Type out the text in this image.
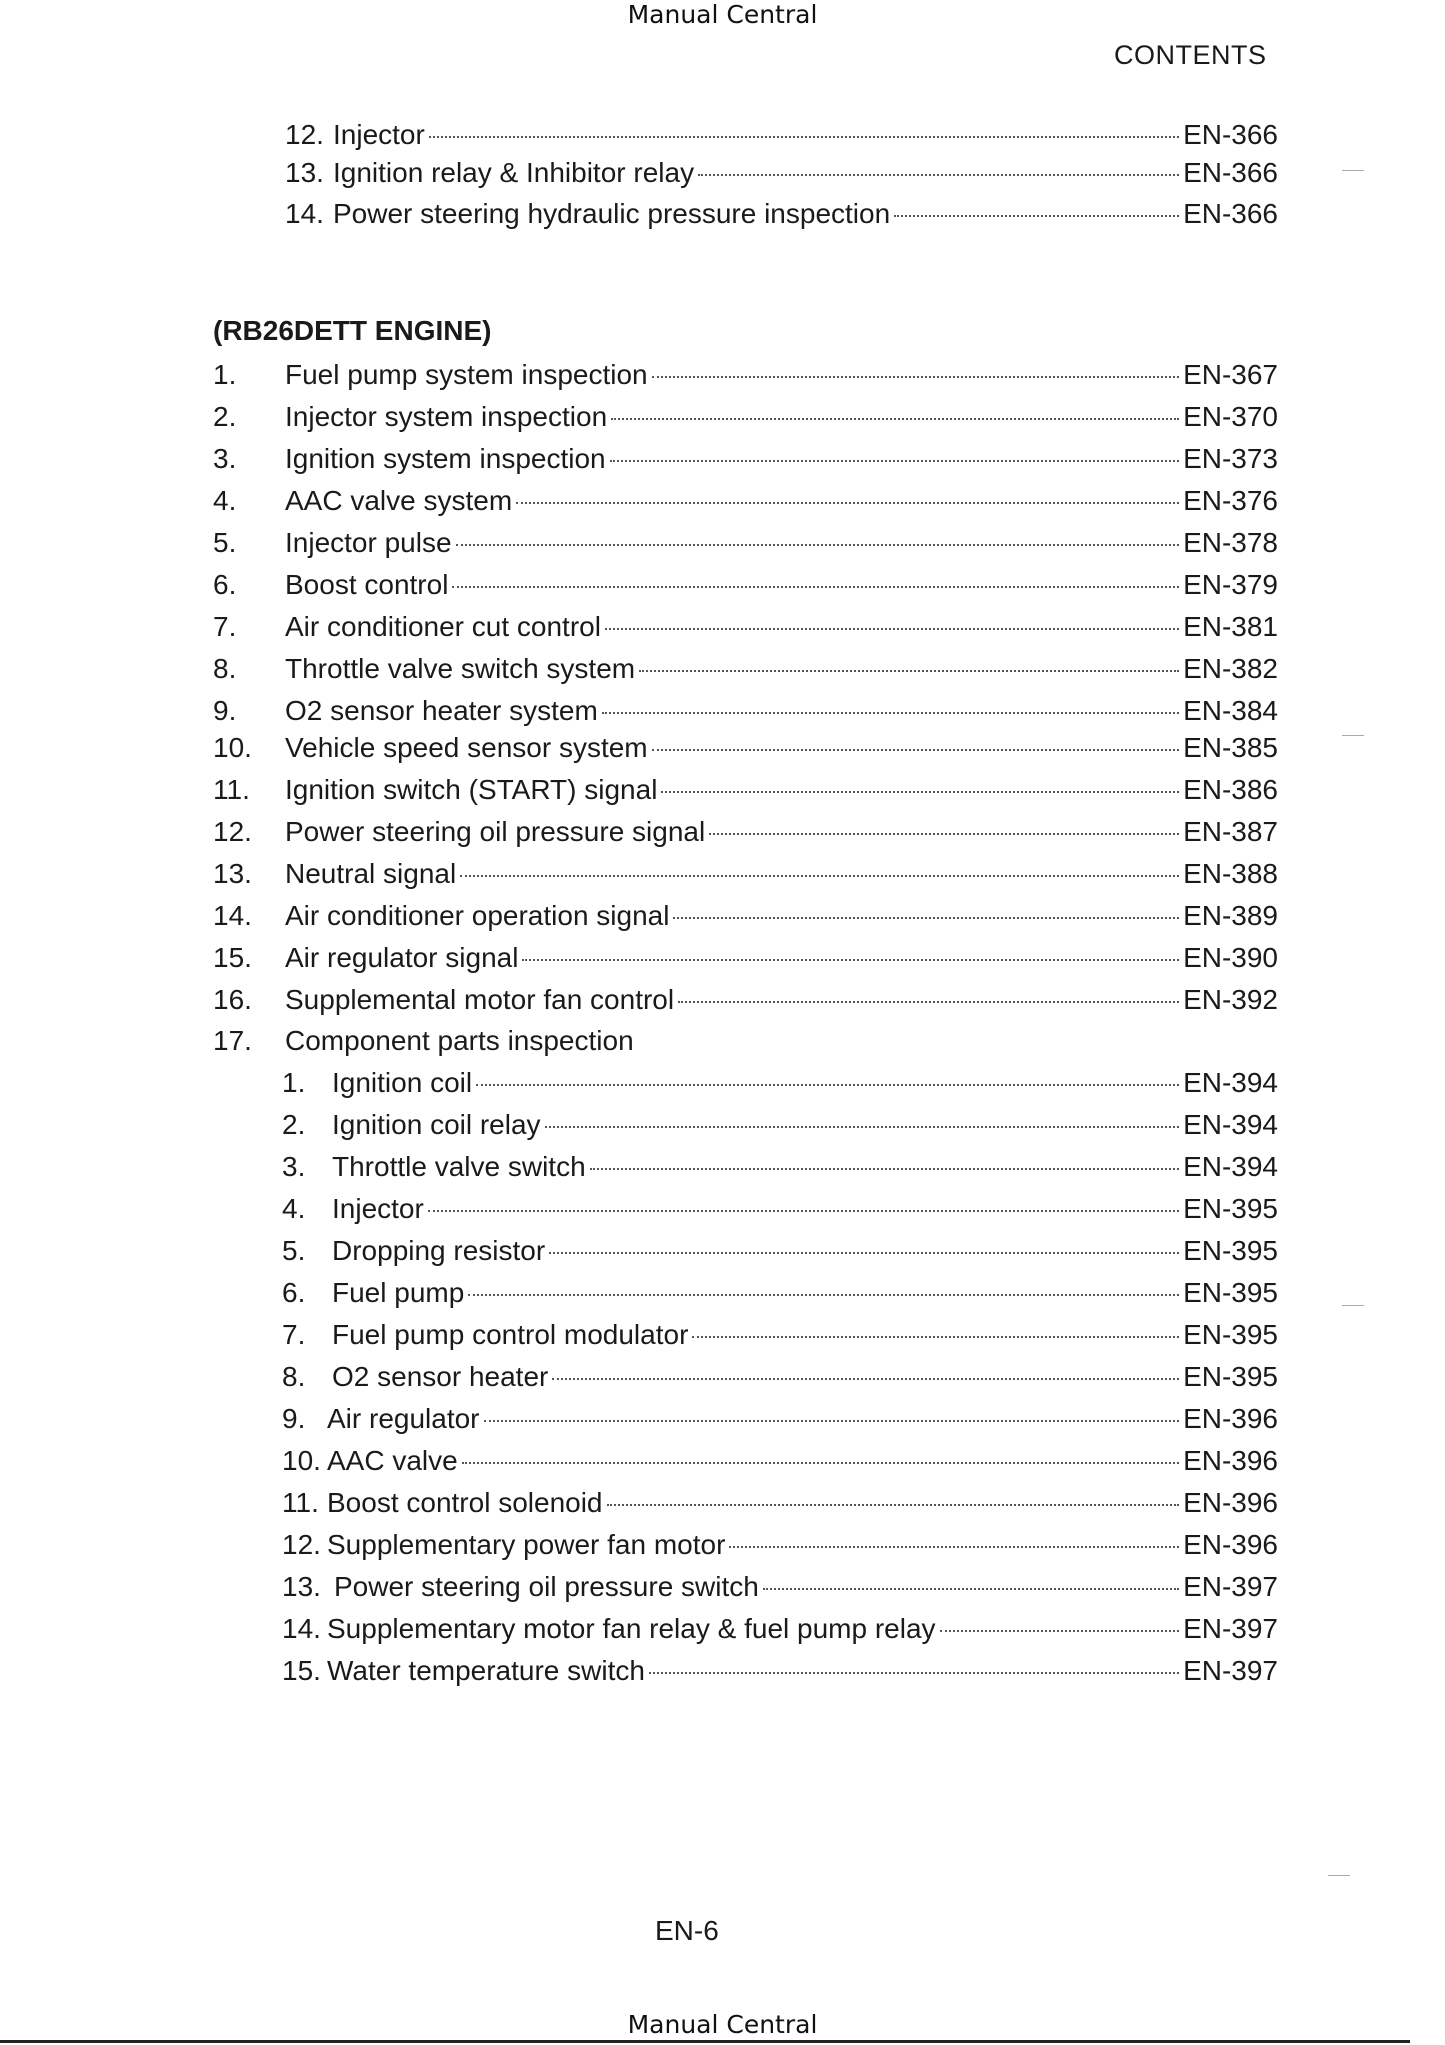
Manual Central
CONTENTS
12. Injector	EN-366
13. Ignition relay & Inhibitor relay	EN-366
14. Power steering hydraulic pressure inspection	EN-366
(RB26DETT ENGINE)
1.	Fuel pump system inspection	EN-367
2.	Injector system inspection	EN-370
3.	Ignition system inspection	EN-373
4.	AAC valve system	EN-376
5.	Injector pulse	EN-378
6.	Boost control	EN-379
7.	Air conditioner cut control	EN-381
8.	Throttle valve switch system	EN-382
9.	O2 sensor heater system	EN-384
10.	Vehicle speed sensor system	EN-385
11.	Ignition switch (START) signal	EN-386
12.	Power steering oil pressure signal	EN-387
13.	Neutral signal	EN-388
14.	Air conditioner operation signal	EN-389
15.	Air regulator signal	EN-390
16.	Supplemental motor fan control	EN-392
17.	Component parts inspection
1. Ignition coil	EN-394
2. Ignition coil relay	EN-394
3. Throttle valve switch	EN-394
4. Injector	EN-395
5. Dropping resistor	EN-395
6. Fuel pump	EN-395
7. Fuel pump control modulator	EN-395
8. O2 sensor heater	EN-395
9. Air regulator	EN-396
10. AAC valve	EN-396
11. Boost control solenoid	EN-396
12. Supplementary power fan motor	EN-396
13. Power steering oil pressure switch	EN-397
14. Supplementary motor fan relay & fuel pump relay	EN-397
15. Water temperature switch	EN-397
EN-6
Manual Central
